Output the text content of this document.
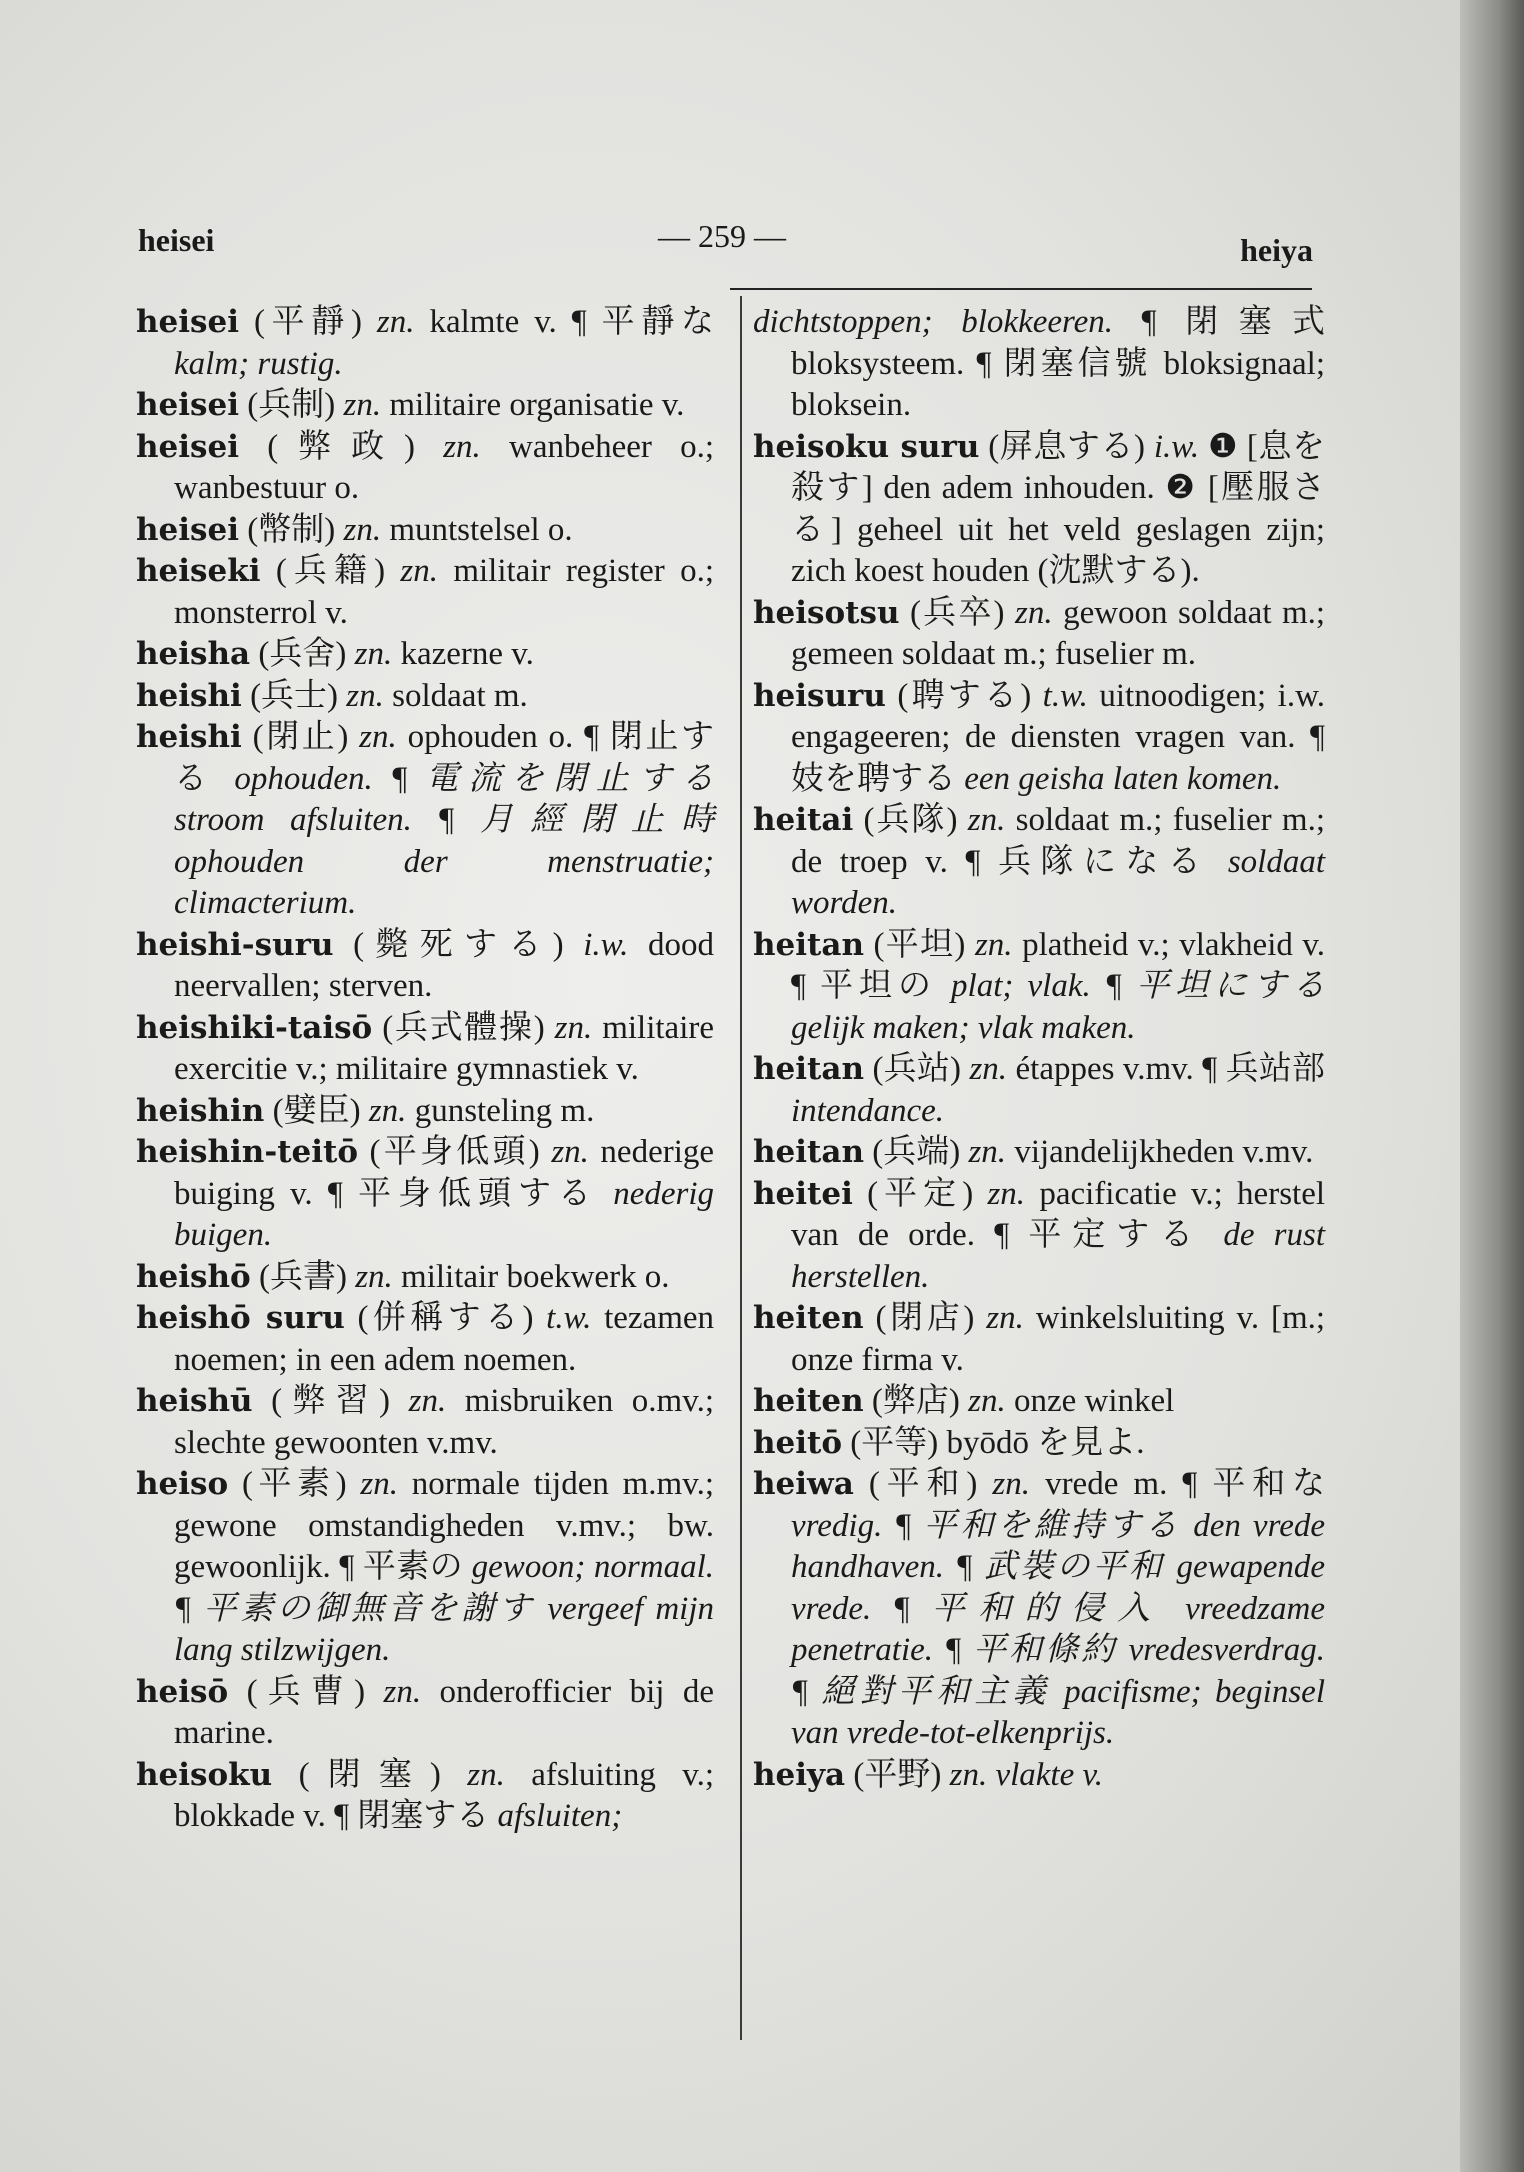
heisei	— 259 —	heiya
heisei (平靜) zn. kalmte v. ¶ 平靜な kalm; rustig.
heisei (兵制) zn. militaire organisatie v.
heisei (弊政) zn. wanbeheer o.; wanbestuur o.
heisei (幣制) zn. muntstelsel o.
heiseki (兵籍) zn. militair register o.; monsterrol v.
heisha (兵舍) zn. kazerne v.
heishi (兵士) zn. soldaat m.
heishi (閉止) zn. ophouden o. ¶ 閉止する ophouden. ¶ 電流を閉止する stroom afsluiten. ¶ 月經閉止時 ophouden der menstruatie; climacterium.
heishi-suru (斃死する) i.w. dood neervallen; sterven.
heishiki-taisō (兵式體操) zn. militaire exercitie v.; militaire gymnastiek v.
heishin (嬖臣) zn. gunsteling m.
heishin-teitō (平身低頭) zn. nederige buiging v. ¶ 平身低頭する nederig buigen.
heishō (兵書) zn. militair boekwerk o.
heishō suru (併稱する) t.w. tezamen noemen; in een adem noemen.
heishū (弊習) zn. misbruiken o.mv.; slechte gewoonten v.mv.
heiso (平素) zn. normale tijden m.mv.; gewone omstandigheden v.mv.; bw. gewoonlijk. ¶ 平素の gewoon; normaal. ¶ 平素の御無音を謝す vergeef mijn lang stilzwijgen.
heisō (兵曹) zn. onderofficier bij de marine.
heisoku (閉塞) zn. afsluiting v.; blokkade v. ¶ 閉塞する afsluiten;
dichtstoppen; blokkeeren. ¶ 閉塞式 bloksysteem. ¶ 閉塞信號 bloksignaal; bloksein.
heisoku suru (屏息する) i.w. ❶ [息を殺す] den adem inhouden. ❷ [壓服さる] geheel uit het veld geslagen zijn; zich koest houden (沈默する).
heisotsu (兵卒) zn. gewoon soldaat m.; gemeen soldaat m.; fuselier m.
heisuru (聘する) t.w. uitnoodigen; i.w. engageeren; de diensten vragen van. ¶ 妓を聘する een geisha laten komen.
heitai (兵隊) zn. soldaat m.; fuselier m.; de troep v. ¶ 兵隊になる soldaat worden.
heitan (平坦) zn. platheid v.; vlakheid v. ¶ 平坦の plat; vlak. ¶ 平坦にする gelijk maken; vlak maken.
heitan (兵站) zn. étappes v.mv. ¶ 兵站部 intendance.
heitan (兵端) zn. vijandelijkheden v.mv.
heitei (平定) zn. pacificatie v.; herstel van de orde. ¶ 平定する de rust herstellen.
heiten (閉店) zn. winkelsluiting v. [m.; onze firma v.
heiten (弊店) zn. onze winkel
heitō (平等) byōdō を見よ.
heiwa (平和) zn. vrede m. ¶ 平和な vredig. ¶ 平和を維持する den vrede handhaven. ¶ 武裝の平和 gewapende vrede. ¶ 平和的侵入 vreedzame penetratie. ¶ 平和條約 vredesverdrag. ¶ 絕對平和主義 pacifisme; beginsel van vrede-tot-elkenprijs.
heiya (平野) zn. vlakte v.
